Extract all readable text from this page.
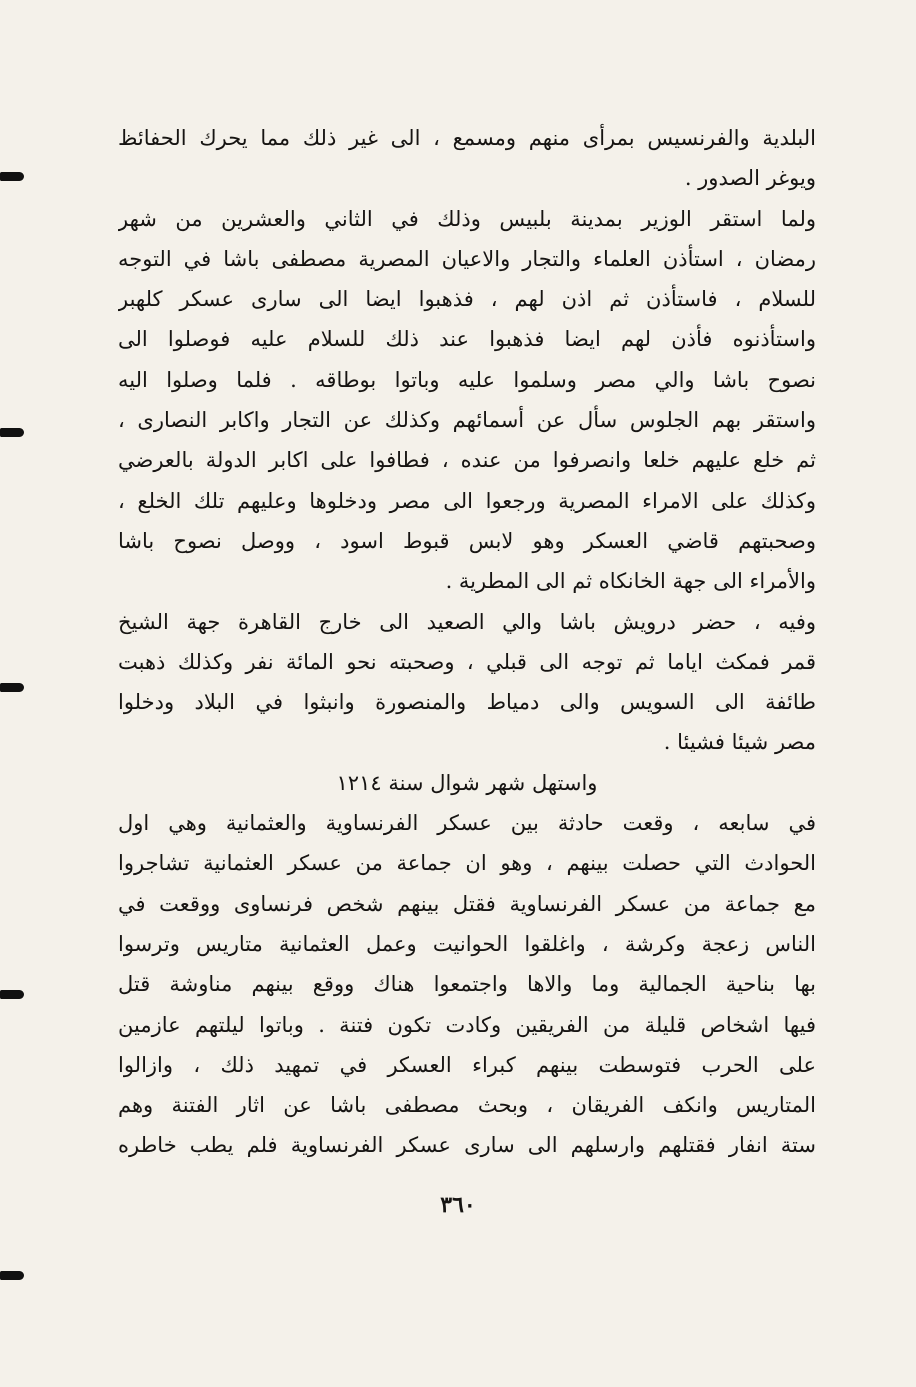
البلدية والفرنسيس بمرأى منهم ومسمع ، الى غير ذلك مما يحرك الحفائظ
ويوغر الصدور .
ولما استقر الوزير بمدينة بلبيس وذلك في الثاني والعشرين من شهر
رمضان ، استأذن العلماء والتجار والاعيان المصرية مصطفى باشا في التوجه
للسلام ، فاستأذن ثم اذن لهم ، فذهبوا ايضا الى سارى عسكر كلهبر
واستأذنوه فأذن لهم ايضا فذهبوا عند ذلك للسلام عليه فوصلوا الى
نصوح باشا والي مصر وسلموا عليه وباتوا بوطاقه . فلما وصلوا اليه
واستقر بهم الجلوس سأل عن أسمائهم وكذلك عن التجار واكابر النصارى ،
ثم خلع عليهم خلعا وانصرفوا من عنده ، فطافوا على اكابر الدولة بالعرضي
وكذلك على الامراء المصرية ورجعوا الى مصر ودخلوها وعليهم تلك الخلع ،
وصحبتهم قاضي العسكر وهو لابس قبوط اسود ، ووصل نصوح باشا
والأمراء الى جهة الخانكاه ثم الى المطرية .
وفيه ، حضر درويش باشا والي الصعيد الى خارج القاهرة جهة الشيخ
قمر فمكث اياما ثم توجه الى قبلي ، وصحبته نحو المائة نفر وكذلك ذهبت
طائفة الى السويس والى دمياط والمنصورة وانبثوا في البلاد ودخلوا
مصر شيئا فشيئا .
واستهل شهر شوال سنة ١٢١٤
في سابعه ، وقعت حادثة بين عسكر الفرنساوية والعثمانية وهي اول
الحوادث التي حصلت بينهم ، وهو ان جماعة من عسكر العثمانية تشاجروا
مع جماعة من عسكر الفرنساوية فقتل بينهم شخص فرنساوى ووقعت في
الناس زعجة وكرشة ، واغلقوا الحوانيت وعمل العثمانية متاريس وترسوا
بها بناحية الجمالية وما والاها واجتمعوا هناك ووقع بينهم مناوشة قتل
فيها اشخاص قليلة من الفريقين وكادت تكون فتنة . وباتوا ليلتهم عازمين
على الحرب فتوسطت بينهم كبراء العسكر في تمهيد ذلك ، وازالوا
المتاريس وانكف الفريقان ، وبحث مصطفى باشا عن اثار الفتنة وهم
ستة انفار فقتلهم وارسلهم الى سارى عسكر الفرنساوية فلم يطب خاطره
٣٦٠
